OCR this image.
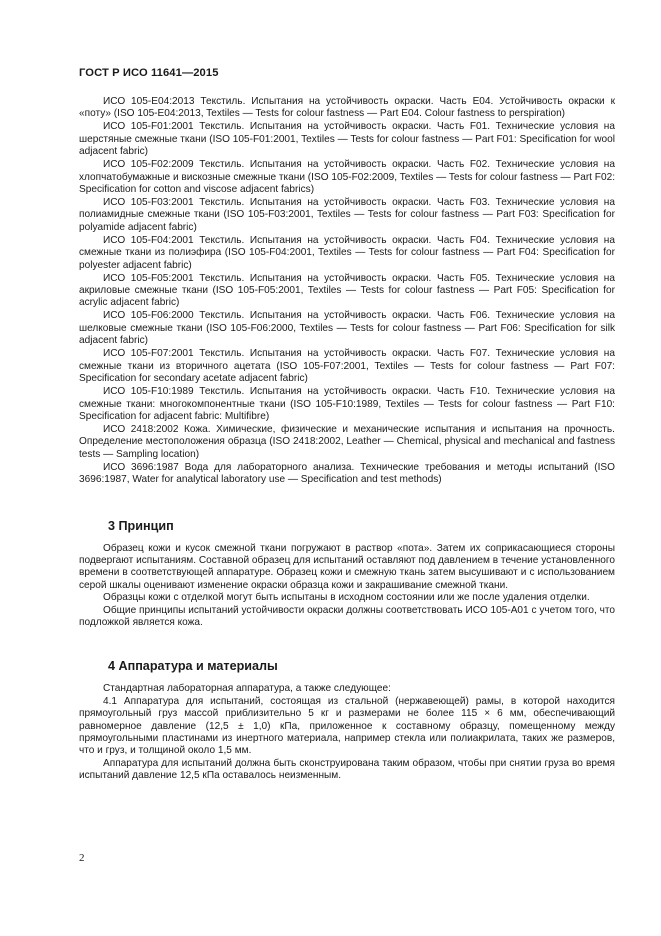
ГОСТ Р ИСО 11641—2015

ИСО 105-E04:2013 Текстиль. Испытания на устойчивость окраски. Часть E04. Устойчивость окраски к «поту» (ISO 105-E04:2013, Textiles — Tests for colour fastness — Part E04. Colour fastness to perspiration)

ИСО 105-F01:2001 Текстиль. Испытания на устойчивость окраски. Часть F01. Технические условия на шерстяные смежные ткани (ISO 105-F01:2001, Textiles — Tests for colour fastness — Part F01: Specification for wool adjacent fabric)

ИСО 105-F02:2009 Текстиль. Испытания на устойчивость окраски. Часть F02. Технические условия на хлопчатобумажные и вискозные смежные ткани (ISO 105-F02:2009, Textiles — Tests for colour fastness — Part F02: Specification for cotton and viscose adjacent fabrics)

ИСО 105-F03:2001 Текстиль. Испытания на устойчивость окраски. Часть F03. Технические условия на полиамидные смежные ткани (ISO 105-F03:2001, Textiles — Tests for colour fastness — Part F03: Specification for polyamide adjacent fabric)

ИСО 105-F04:2001 Текстиль. Испытания на устойчивость окраски. Часть F04. Технические условия на смежные ткани из полиэфира (ISO 105-F04:2001, Textiles — Tests for colour fastness — Part F04: Specification for polyester adjacent fabric)

ИСО 105-F05:2001 Текстиль. Испытания на устойчивость окраски. Часть F05. Технические условия на акриловые смежные ткани (ISO 105-F05:2001, Textiles — Tests for colour fastness — Part F05: Specification for acrylic adjacent fabric)

ИСО 105-F06:2000 Текстиль. Испытания на устойчивость окраски. Часть F06. Технические условия на шелковые смежные ткани (ISO 105-F06:2000, Textiles — Tests for colour fastness — Part F06: Specification for silk adjacent fabric)

ИСО 105-F07:2001 Текстиль. Испытания на устойчивость окраски. Часть F07. Технические условия на смежные ткани из вторичного ацетата (ISO 105-F07:2001, Textiles — Tests for colour fastness — Part F07: Specification for secondary acetate adjacent fabric)

ИСО 105-F10:1989 Текстиль. Испытания на устойчивость окраски. Часть F10. Технические условия на смежные ткани: многокомпонентные ткани (ISO 105-F10:1989, Textiles — Tests for colour fastness — Part F10: Specification for adjacent fabric: Multifibre)

ИСО 2418:2002 Кожа. Химические, физические и механические испытания и испытания на прочность. Определение местоположения образца (ISO 2418:2002, Leather — Chemical, physical and mechanical and fastness tests — Sampling location)

ИСО 3696:1987 Вода для лабораторного анализа. Технические требования и методы испытаний (ISO 3696:1987, Water for analytical laboratory use — Specification and test methods)

3 Принцип

Образец кожи и кусок смежной ткани погружают в раствор «пота». Затем их соприкасающиеся стороны подвергают испытаниям. Составной образец для испытаний оставляют под давлением в течение установленного времени в соответствующей аппаратуре. Образец кожи и смежную ткань затем высушивают и с использованием серой шкалы оценивают изменение окраски образца кожи и закрашивание смежной ткани.

Образцы кожи с отделкой могут быть испытаны в исходном состоянии или же после удаления отделки.

Общие принципы испытаний устойчивости окраски должны соответствовать ИСО 105-А01 с учетом того, что подложкой является кожа.

4 Аппаратура и материалы

Стандартная лабораторная аппаратура, а также следующее:

4.1 Аппаратура для испытаний, состоящая из стальной (нержавеющей) рамы, в которой находится прямоугольный груз массой приблизительно 5 кг и размерами не более 115 × 6 мм, обеспечивающий равномерное давление (12,5 ± 1,0) кПа, приложенное к составному образцу, помещенному между прямоугольными пластинами из инертного материала, например стекла или полиакрилата, таких же размеров, что и груз, и толщиной около 1,5 мм.

Аппаратура для испытаний должна быть сконструирована таким образом, чтобы при снятии груза во время испытаний давление 12,5 кПа оставалось неизменным.

2
